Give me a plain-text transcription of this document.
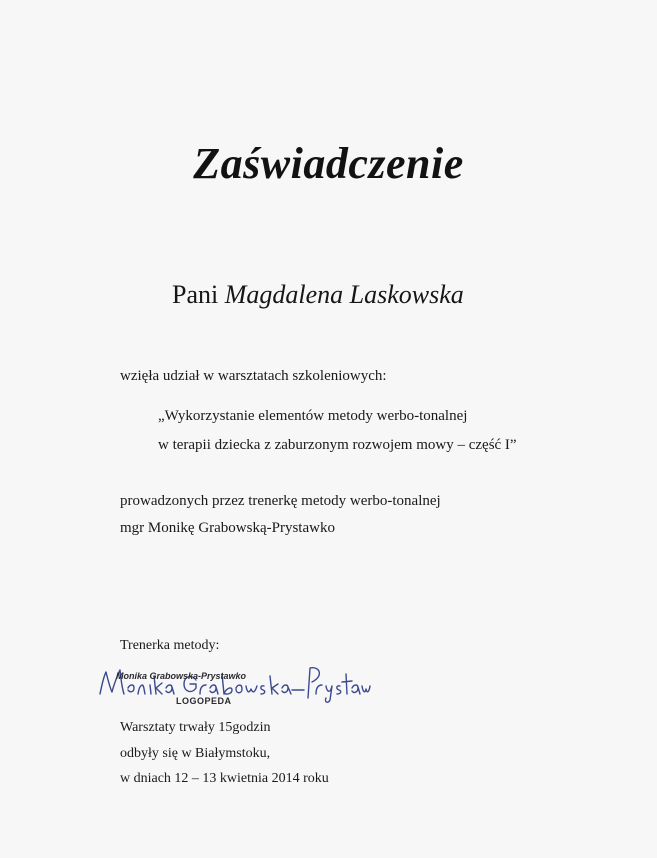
Zaświadczenie
Pani Magdalena Laskowska
wzięła udział w warsztatach szkoleniowych:
„Wykorzystanie elementów metody werbo-tonalnej
w terapii dziecka z zaburzonym rozwojem mowy – część I”
prowadzonych przez trenerkę metody werbo-tonalnej
mgr Monikę Grabowską-Prystawko
Trenerka metody:
Monika Grabowska-Prystawko
LOGOPEDA
Warsztaty trwały 15godzin
odbyły się w Białymstoku,
w dniach 12 – 13 kwietnia 2014 roku
